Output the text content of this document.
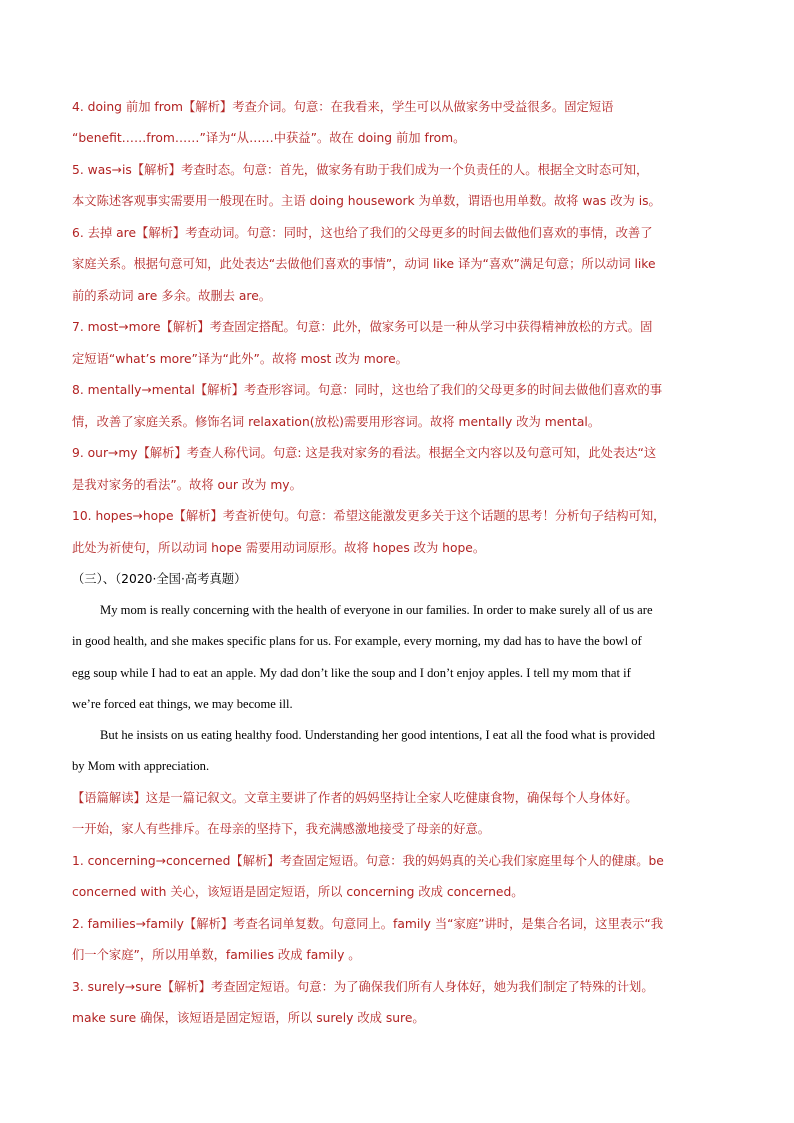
4. doing 前加 from【解析】考查介词。句意：在我看来，学生可以从做家务中受益很多。固定短语
“benefit……from……”译为“从……中获益”。故在 doing 前加 from。
5. was→is【解析】考查时态。句意：首先，做家务有助于我们成为一个负责任的人。根据全文时态可知，
本文陈述客观事实需要用一般现在时。主语 doing housework 为单数，谓语也用单数。故将 was 改为 is。
6. 去掉 are【解析】考查动词。句意：同时，这也给了我们的父母更多的时间去做他们喜欢的事情，改善了
家庭关系。根据句意可知，此处表达“去做他们喜欢的事情”，动词 like 译为“喜欢”满足句意；所以动词 like
前的系动词 are 多余。故删去 are。
7. most→more【解析】考查固定搭配。句意：此外，做家务可以是一种从学习中获得精神放松的方式。固
定短语“what’s more”译为“此外”。故将 most 改为 more。
8. mentally→mental【解析】考查形容词。句意：同时，这也给了我们的父母更多的时间去做他们喜欢的事
情，改善了家庭关系。修饰名词 relaxation(放松)需要用形容词。故将 mentally 改为 mental。
9. our→my【解析】考查人称代词。句意: 这是我对家务的看法。根据全文内容以及句意可知，此处表达“这
是我对家务的看法”。故将 our 改为 my。
10. hopes→hope【解析】考查祈使句。句意：希望这能激发更多关于这个话题的思考！分析句子结构可知，
此处为祈使句，所以动词 hope 需要用动词原形。故将 hopes 改为 hope。
（三）、（2020·全国·高考真题）
My mom is really concerning with the health of everyone in our families. In order to make surely all of us are
in good health, and she makes specific plans for us. For example, every morning, my dad has to have the bowl of
egg soup while I had to eat an apple. My dad don’t like the soup and I don’t enjoy apples. I tell my mom that if
we’re forced eat things, we may become ill.
But he insists on us eating healthy food. Understanding her good intentions, I eat all the food what is provided
by Mom with appreciation.
【语篇解读】这是一篇记叙文。文章主要讲了作者的妈妈坚持让全家人吃健康食物，确保每个人身体好。
一开始，家人有些排斥。在母亲的坚持下，我充满感激地接受了母亲的好意。
1. concerning→concerned【解析】考查固定短语。句意：我的妈妈真的关心我们家庭里每个人的健康。be
concerned with 关心，该短语是固定短语，所以 concerning 改成 concerned。
2. families→family【解析】考查名词单复数。句意同上。family 当“家庭”讲时，是集合名词，这里表示“我
们一个家庭”，所以用单数，families 改成 family 。
3. surely→sure【解析】考查固定短语。句意：为了确保我们所有人身体好，她为我们制定了特殊的计划。
make sure 确保，该短语是固定短语，所以 surely 改成 sure。
